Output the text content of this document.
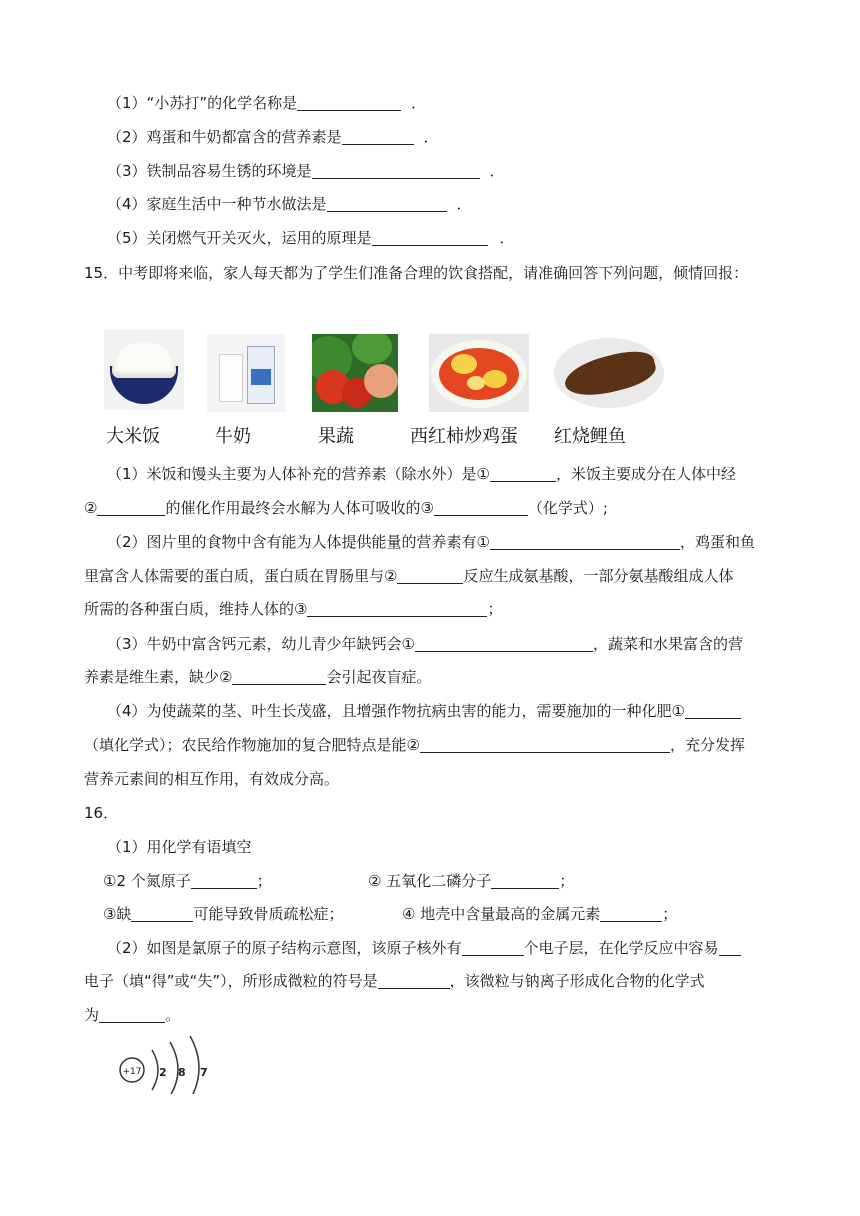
（1）“小苏打”的化学名称是	．
（2）鸡蛋和牛奶都富含的营养素是	．
（3）铁制品容易生锈的环境是	．
（4）家庭生活中一种节水做法是	．
（5）关闭燃气开关灭火，运用的原理是	．
15．中考即将来临，家人每天都为了学生们准备合理的饮食搭配，请准确回答下列问题，倾情回报：
大米饭	牛奶	果蔬	西红柿炒鸡蛋 红烧鲤鱼
（1）米饭和馒头主要为人体补充的营养素（除水外）是①	，米饭主要成分在人体中经
②	的催化作用最终会水解为人体可吸收的③	（化学式）;
（2）图片里的食物中含有能为人体提供能量的营养素有①	，鸡蛋和鱼
里富含人体需要的蛋白质，蛋白质在胃肠里与②	反应生成氨基酸，一部分氨基酸组成人体
所需的各种蛋白质，维持人体的③	；
（3）牛奶中富含钙元素，幼儿青少年缺钙会①	，蔬菜和水果富含的营
养素是维生素，缺少②	会引起夜盲症。
（4）为使蔬菜的茎、叶生长茂盛，且增强作物抗病虫害的能力，需要施加的一种化肥①
（填化学式）；农民给作物施加的复合肥特点是能②	，充分发挥
营养元素间的相互作用，有效成分高。
16．
（1）用化学有语填空
①2 个氮原子	；	② 五氧化二磷分子	；
③缺	可能导致骨质疏松症；	④ 地壳中含量最高的金属元素	；
（2）如图是氯原子的原子结构示意图，该原子核外有	个电子层，在化学反应中容易
电子（填“得”或“失”），所形成微粒的符号是	，该微粒与钠离子形成化合物的化学式
为	。
+17 2 8 7
